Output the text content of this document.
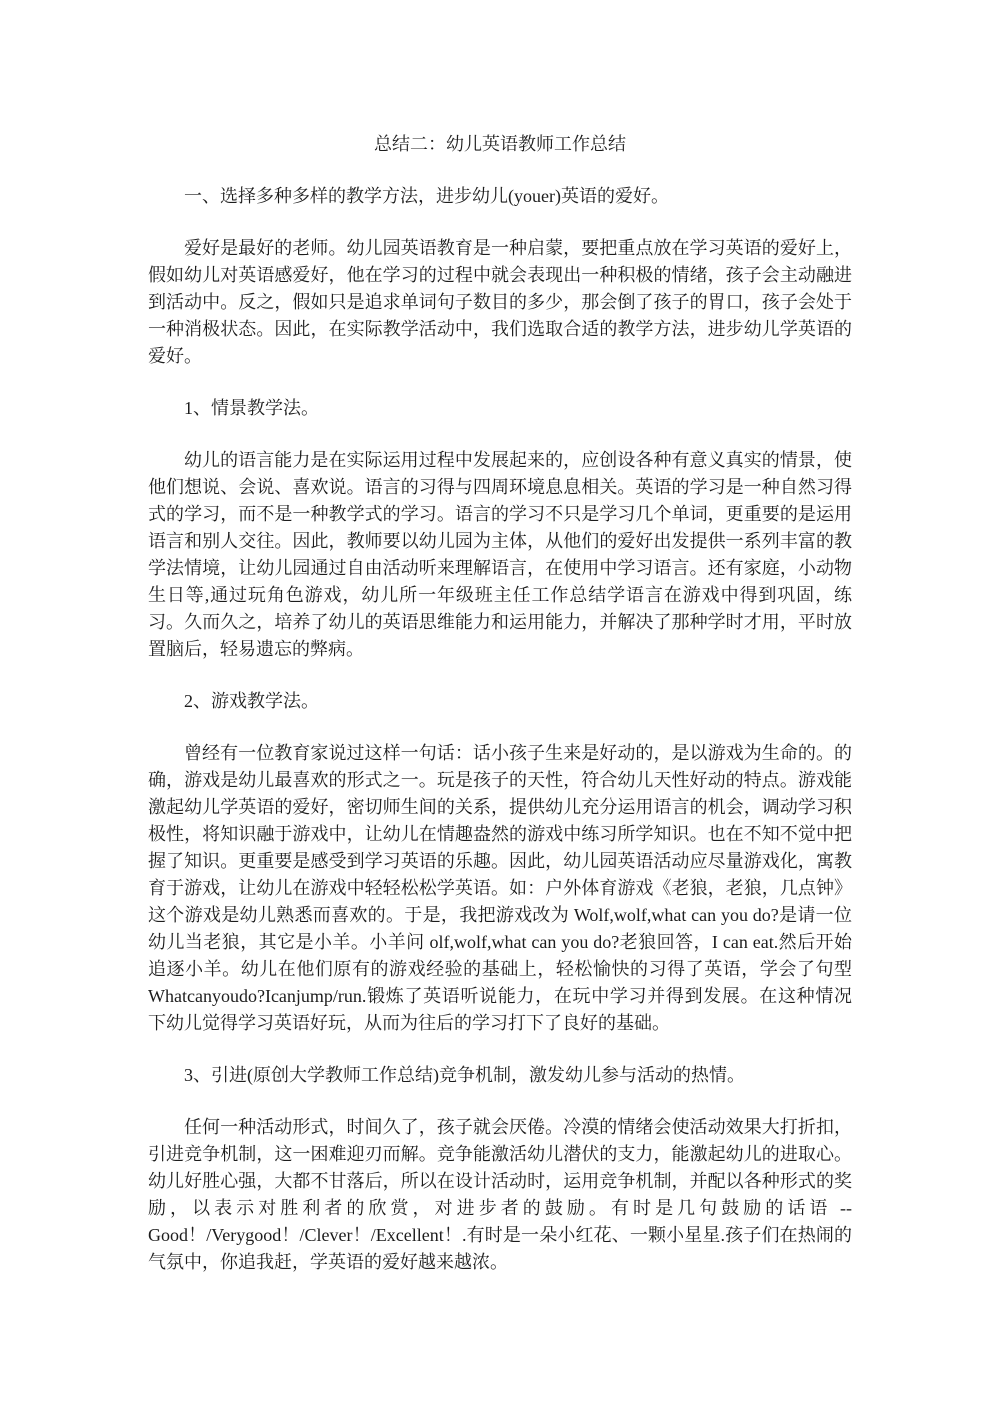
总结二：幼儿英语教师工作总结

一、选择多种多样的教学方法，进步幼儿(youer)英语的爱好。

爱好是最好的老师。幼儿园英语教育是一种启蒙，要把重点放在学习英语的爱好上，假如幼儿对英语感爱好，他在学习的过程中就会表现出一种积极的情绪，孩子会主动融进到活动中。反之，假如只是追求单词句子数目的多少，那会倒了孩子的胃口，孩子会处于一种消极状态。因此，在实际教学活动中，我们选取合适的教学方法，进步幼儿学英语的爱好。

1、情景教学法。

幼儿的语言能力是在实际运用过程中发展起来的，应创设各种有意义真实的情景，使他们想说、会说、喜欢说。语言的习得与四周环境息息相关。英语的学习是一种自然习得式的学习，而不是一种教学式的学习。语言的学习不只是学习几个单词，更重要的是运用语言和别人交往。因此，教师要以幼儿园为主体，从他们的爱好出发提供一系列丰富的教学法情境，让幼儿园通过自由活动听来理解语言，在使用中学习语言。还有家庭，小动物生日等,通过玩角色游戏，幼儿所一年级班主任工作总结学语言在游戏中得到巩固，练习。久而久之，培养了幼儿的英语思维能力和运用能力，并解决了那种学时才用，平时放置脑后，轻易遗忘的弊病。

2、游戏教学法。

曾经有一位教育家说过这样一句话：话小孩子生来是好动的，是以游戏为生命的。的确，游戏是幼儿最喜欢的形式之一。玩是孩子的天性，符合幼儿天性好动的特点。游戏能激起幼儿学英语的爱好，密切师生间的关系，提供幼儿充分运用语言的机会，调动学习积极性，将知识融于游戏中，让幼儿在情趣盎然的游戏中练习所学知识。也在不知不觉中把握了知识。更重要是感受到学习英语的乐趣。因此，幼儿园英语活动应尽量游戏化，寓教育于游戏，让幼儿在游戏中轻轻松松学英语。如：户外体育游戏《老狼，老狼，几点钟》这个游戏是幼儿熟悉而喜欢的。于是，我把游戏改为 Wolf,wolf,what can you do?是请一位幼儿当老狼，其它是小羊。小羊问 olf,wolf,what can you do?老狼回答，I can eat.然后开始追逐小羊。幼儿在他们原有的游戏经验的基础上，轻松愉快的习得了英语，学会了句型Whatcanyoudo?Icanjump/run.锻炼了英语听说能力，在玩中学习并得到发展。在这种情况下幼儿觉得学习英语好玩，从而为往后的学习打下了良好的基础。

3、引进(原创大学教师工作总结)竞争机制，激发幼儿参与活动的热情。

任何一种活动形式，时间久了，孩子就会厌倦。冷漠的情绪会使活动效果大打折扣，引进竞争机制，这一困难迎刃而解。竞争能激活幼儿潜伏的支力，能激起幼儿的进取心。幼儿好胜心强，大都不甘落后，所以在设计活动时，运用竞争机制，并配以各种形式的奖励，以表示对胜利者的欣赏，对进步者的鼓励。有时是几句鼓励的话语 --Good！/Verygood！/Clever！/Excellent！.有时是一朵小红花、一颗小星星.孩子们在热闹的气氛中，你追我赶，学英语的爱好越来越浓。
